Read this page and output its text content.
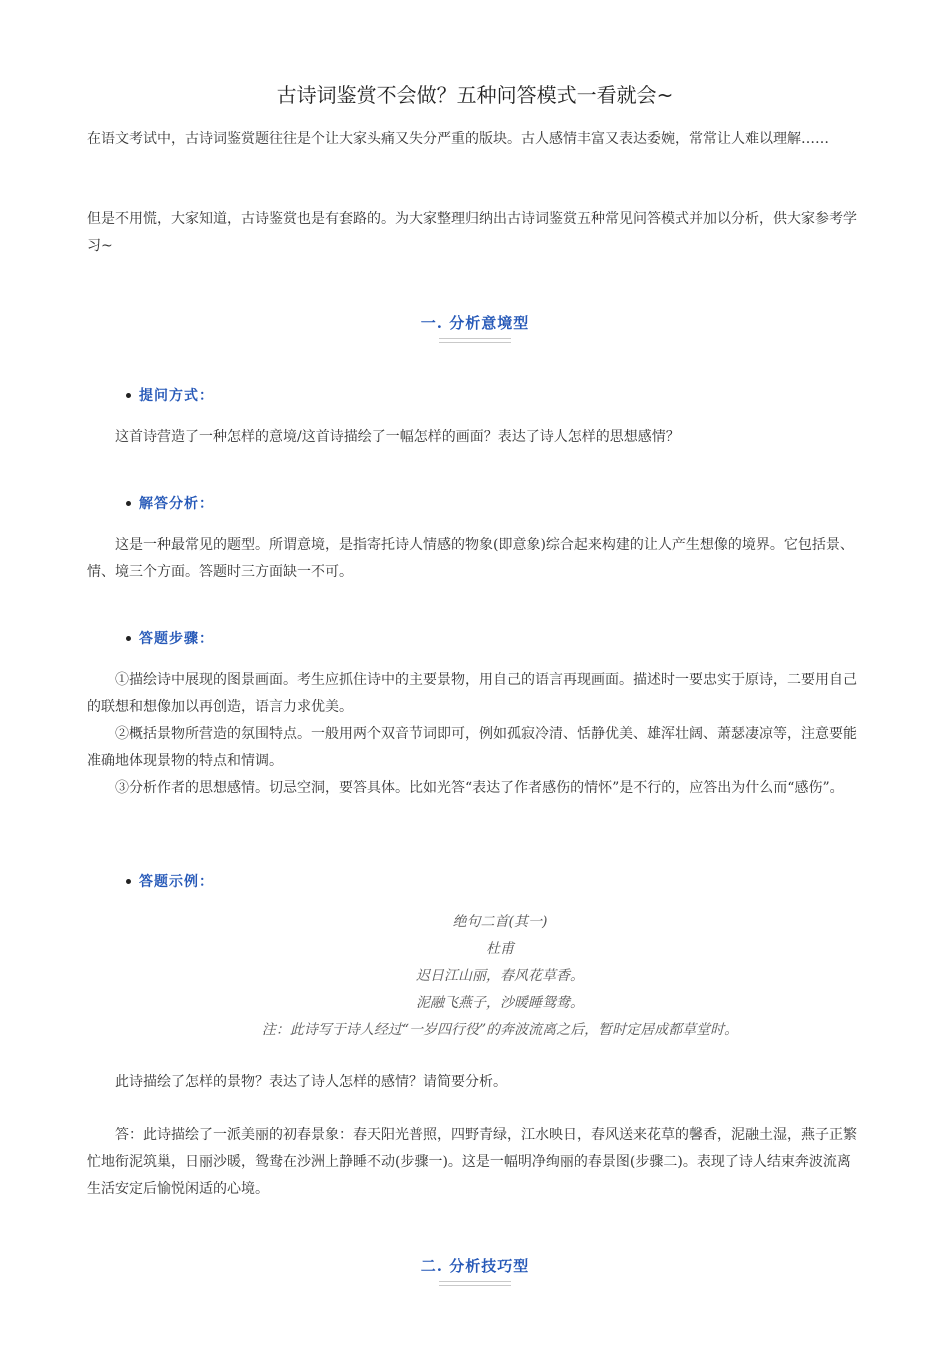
古诗词鉴赏不会做？五种问答模式一看就会~
在语文考试中，古诗词鉴赏题往往是个让大家头痛又失分严重的版块。古人感情丰富又表达委婉，常常让人难以理解……
但是不用慌，大家知道，古诗鉴赏也是有套路的。为大家整理归纳出古诗词鉴赏五种常见问答模式并加以分析，供大家参考学习~
一. 分析意境型
提问方式：
这首诗营造了一种怎样的意境/这首诗描绘了一幅怎样的画面？表达了诗人怎样的思想感情？
解答分析：
这是一种最常见的题型。所谓意境，是指寄托诗人情感的物象(即意象)综合起来构建的让人产生想像的境界。它包括景、情、境三个方面。答题时三方面缺一不可。
答题步骤：
①描绘诗中展现的图景画面。考生应抓住诗中的主要景物，用自己的语言再现画面。描述时一要忠实于原诗，二要用自己的联想和想像加以再创造，语言力求优美。
②概括景物所营造的氛围特点。一般用两个双音节词即可，例如孤寂冷清、恬静优美、雄浑壮阔、萧瑟凄凉等，注意要能准确地体现景物的特点和情调。
③分析作者的思想感情。切忌空洞，要答具体。比如光答“表达了作者感伤的情怀”是不行的，应答出为什么而“感伤”。
答题示例：
绝句二首(其一)
杜甫
迟日江山丽，春风花草香。
泥融飞燕子，沙暖睡鸳鸯。
注：此诗写于诗人经过“一岁四行役”的奔波流离之后，暂时定居成都草堂时。
此诗描绘了怎样的景物？表达了诗人怎样的感情？请简要分析。
答：此诗描绘了一派美丽的初春景象：春天阳光普照，四野青绿，江水映日，春风送来花草的馨香，泥融土湿，燕子正繁忙地衔泥筑巢，日丽沙暖，鸳鸯在沙洲上静睡不动(步骤一)。这是一幅明净绚丽的春景图(步骤二)。表现了诗人结束奔波流离生活安定后愉悦闲适的心境。
二. 分析技巧型
